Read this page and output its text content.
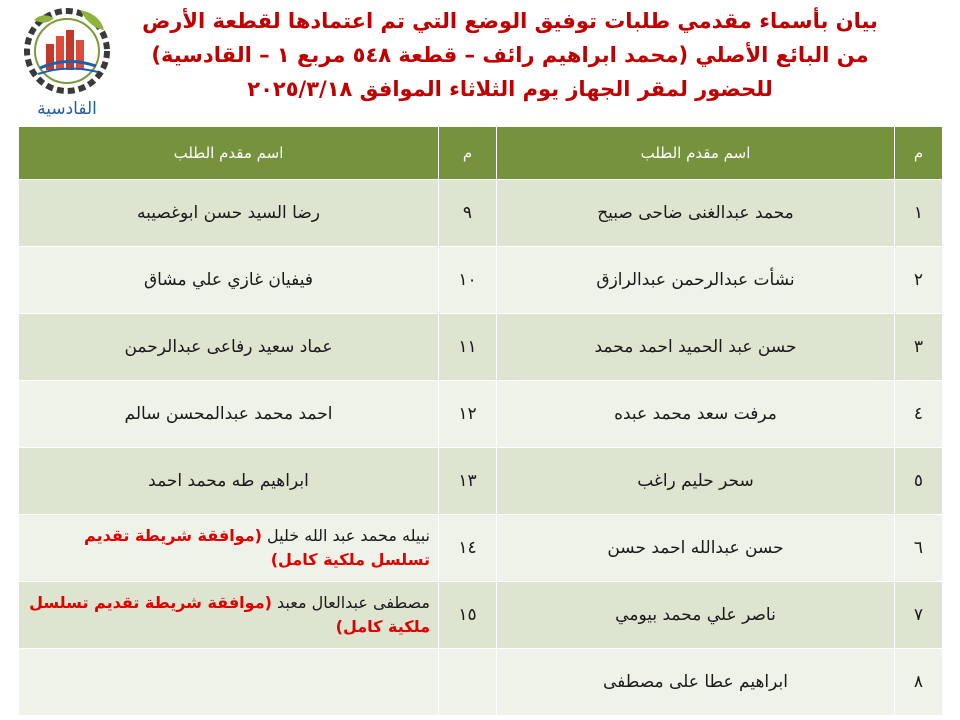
القادسية
بيان بأسماء مقدمي طلبات توفيق الوضع التي تم اعتمادها لقطعة الأرض
من البائع الأصلي (محمد ابراهيم رائف – قطعة ٥٤٨ مربع ١ – القادسية)
للحضور لمقر الجهاز يوم الثلاثاء الموافق ٢٠٢٥/٣/١٨
م	اسم مقدم الطلب	م	اسم مقدم الطلب
١	محمد عبدالغنى ضاحى صبيح	٩	رضا السيد حسن ابوغصيبه
٢	نشأت عبدالرحمن عبدالرازق	١٠	فيفيان غازي علي مشاق
٣	حسن عبد الحميد احمد محمد	١١	عماد سعيد رفاعى عبدالرحمن
٤	مرفت سعد محمد عبده	١٢	احمد محمد عبدالمحسن سالم
٥	سحر حليم راغب	١٣	ابراهيم طه محمد احمد
٦	حسن عبدالله احمد حسن	١٤	نبيله محمد عبد الله خليل (موافقة شريطة تقديم تسلسل ملكية كامل)
٧	ناصر علي محمد بيومي	١٥	مصطفى عبدالعال معبد (موافقة شريطة تقديم تسلسل ملكية كامل)
٨	ابراهيم عطا على مصطفى		
